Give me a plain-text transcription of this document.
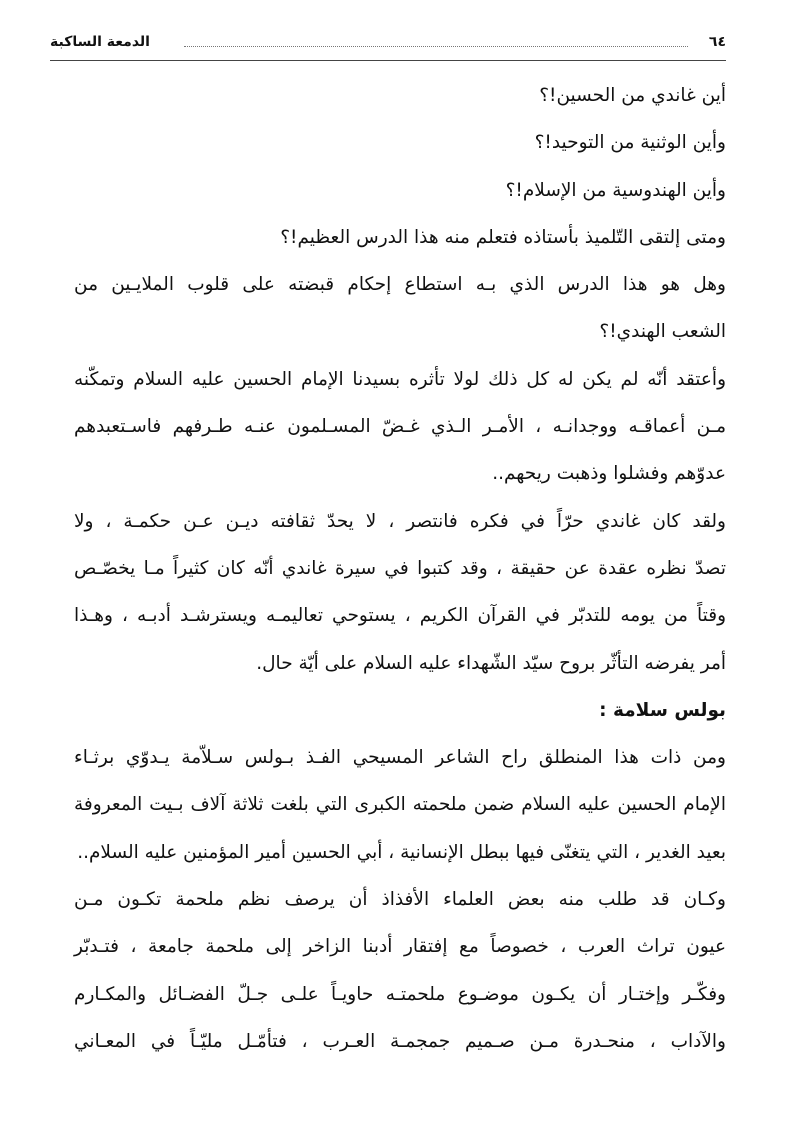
٦٤
الدمعة الساكبة

أين غاندي من الحسين!؟

وأين الوثنية من التوحيد!؟

وأين الهندوسية من الإسلام!؟

ومتى إلتقى التّلميذ بأستاذه فتعلم منه هذا الدرس العظيم!؟

وهل هو هذا الدرس الذي بـه استطاع إحكام قبضته على قلوب الملايـين من
الشعب الهندي!؟

وأعتقد أنّه لم يكن له كل ذلك لولا تأثره بسيدنا الإمام الحسين عليه السلام وتمكّنه
مـن أعماقـه ووجدانـه ، الأمـر الـذي غـضّ المسـلمون عنـه طـرفهم فاسـتعبدهم
عدوّهم وفشلوا وذهبت ريحهم..

ولقد كان غاندي حرّاً في فكره فانتصر ، لا يحدّ ثقافته ديـن عـن حكمـة ، ولا
تصدّ نظره عقدة عن حقيقة ، وقد كتبوا في سيرة غاندي أنّه كان كثيراً مـا يخصّـص
وقتاً من يومه للتدبّر في القرآن الكريم ، يستوحي تعاليمـه ويسترشـد أدبـه ، وهـذا
أمر يفرضه التأثّر بروح سيّد الشّهداء عليه السلام على أيّة حال.

بولس سلامة :

ومن ذات هذا المنطلق راح الشاعر المسيحي الفـذ بـولس سـلاّمة يـدوّي برثـاء
الإمام الحسين عليه السلام ضمن ملحمته الكبرى التي بلغت ثلاثة آلاف بـيت المعروفة
بعيد الغدير ، التي يتغنّى فيها ببطل الإنسانية ، أبي الحسين أمير المؤمنين عليه السلام..

وكـان قد طلب منه بعض العلماء الأفذاذ أن يرصف نظم ملحمة تكـون مـن
عيون تراث العرب ، خصوصاً مع إفتقار أدبنا الزاخر إلى ملحمة جامعة ، فتـدبّر
وفكّـر وإختـار أن يكـون موضـوع ملحمتـه حاويـاً علـى جـلّ الفضـائل والمكـارم
والآداب ، منحـدرة مـن صـميم جمجمـة العـرب ، فتأمّـل مليّـاً في المعـاني
